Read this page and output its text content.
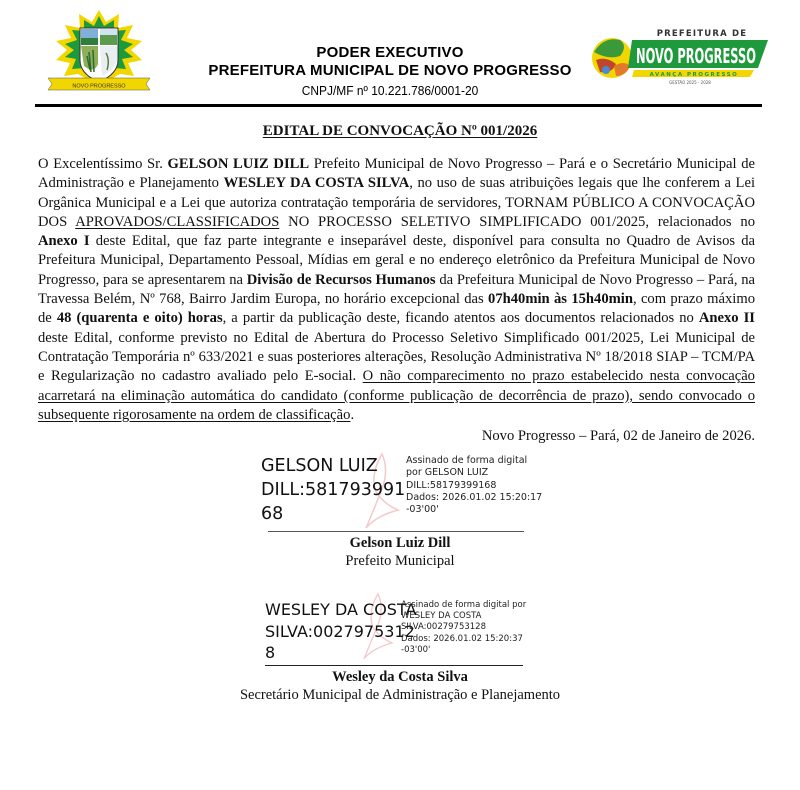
NOVO PROGRESSO
PODER EXECUTIVO
PREFEITURA MUNICIPAL DE NOVO PROGRESSO
CNPJ/MF nº 10.221.786/0001-20
PREFEITURA DE
NOVO PROGRESSO
AVANÇA PROGRESSO
GESTÃO 2025 - 2028
EDITAL DE CONVOCAÇÃO Nº 001/2026
O Excelentíssimo Sr. GELSON LUIZ DILL Prefeito Municipal de Novo Progresso – Pará e o Secretário Municipal de Administração e Planejamento WESLEY DA COSTA SILVA, no uso de suas atribuições legais que lhe conferem a Lei Orgânica Municipal e a Lei que autoriza contratação temporária de servidores, TORNAM PÚBLICO A CONVOCAÇÃO DOS APROVADOS/CLASSIFICADOS NO PROCESSO SELETIVO SIMPLIFICADO 001/2025, relacionados no Anexo I deste Edital, que faz parte integrante e inseparável deste, disponível para consulta no Quadro de Avisos da Prefeitura Municipal, Departamento Pessoal, Mídias em geral e no endereço eletrônico da Prefeitura Municipal de Novo Progresso, para se apresentarem na Divisão de Recursos Humanos da Prefeitura Municipal de Novo Progresso – Pará, na Travessa Belém, Nº 768, Bairro Jardim Europa, no horário excepcional das 07h40min às 15h40min, com prazo máximo de 48 (quarenta e oito) horas, a partir da publicação deste, ficando atentos aos documentos relacionados no Anexo II deste Edital, conforme previsto no Edital de Abertura do Processo Seletivo Simplificado 001/2025, Lei Municipal de Contratação Temporária nº 633/2021 e suas posteriores alterações, Resolução Administrativa Nº 18/2018 SIAP – TCM/PA e Regularização no cadastro avaliado pelo E-social. O não comparecimento no prazo estabelecido nesta convocação acarretará na eliminação automática do candidato (conforme publicação de decorrência de prazo), sendo convocado o subsequente rigorosamente na ordem de classificação.
Novo Progresso – Pará, 02 de Janeiro de 2026.
GELSON LUIZ
DILL:581793991
68
Assinado de forma digital
por GELSON LUIZ
DILL:58179399168
Dados: 2026.01.02 15:20:17
-03'00'
Gelson Luiz Dill
Prefeito Municipal
WESLEY DA COSTA
SILVA:0027975312
8
Assinado de forma digital por
WESLEY DA COSTA
SILVA:00279753128
Dados: 2026.01.02 15:20:37
-03'00'
Wesley da Costa Silva
Secretário Municipal de Administração e Planejamento
